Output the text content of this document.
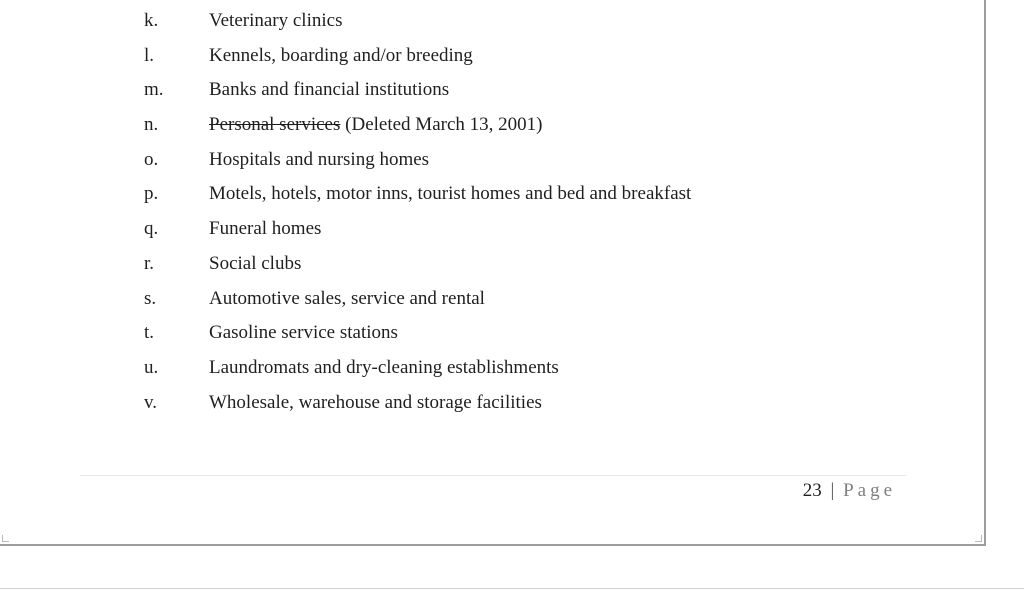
k.	Veterinary clinics
l.	Kennels, boarding and/or breeding
m. Banks and financial institutions
n.	Personal services (Deleted March 13, 2001)
o.	Hospitals and nursing homes
p.	Motels, hotels, motor inns, tourist homes and bed and breakfast
q.	Funeral homes
r.	Social clubs
s.	Automotive sales, service and rental
t.	Gasoline service stations
u.	Laundromats and dry-cleaning establishments
v.	Wholesale, warehouse and storage facilities
23 | Page
